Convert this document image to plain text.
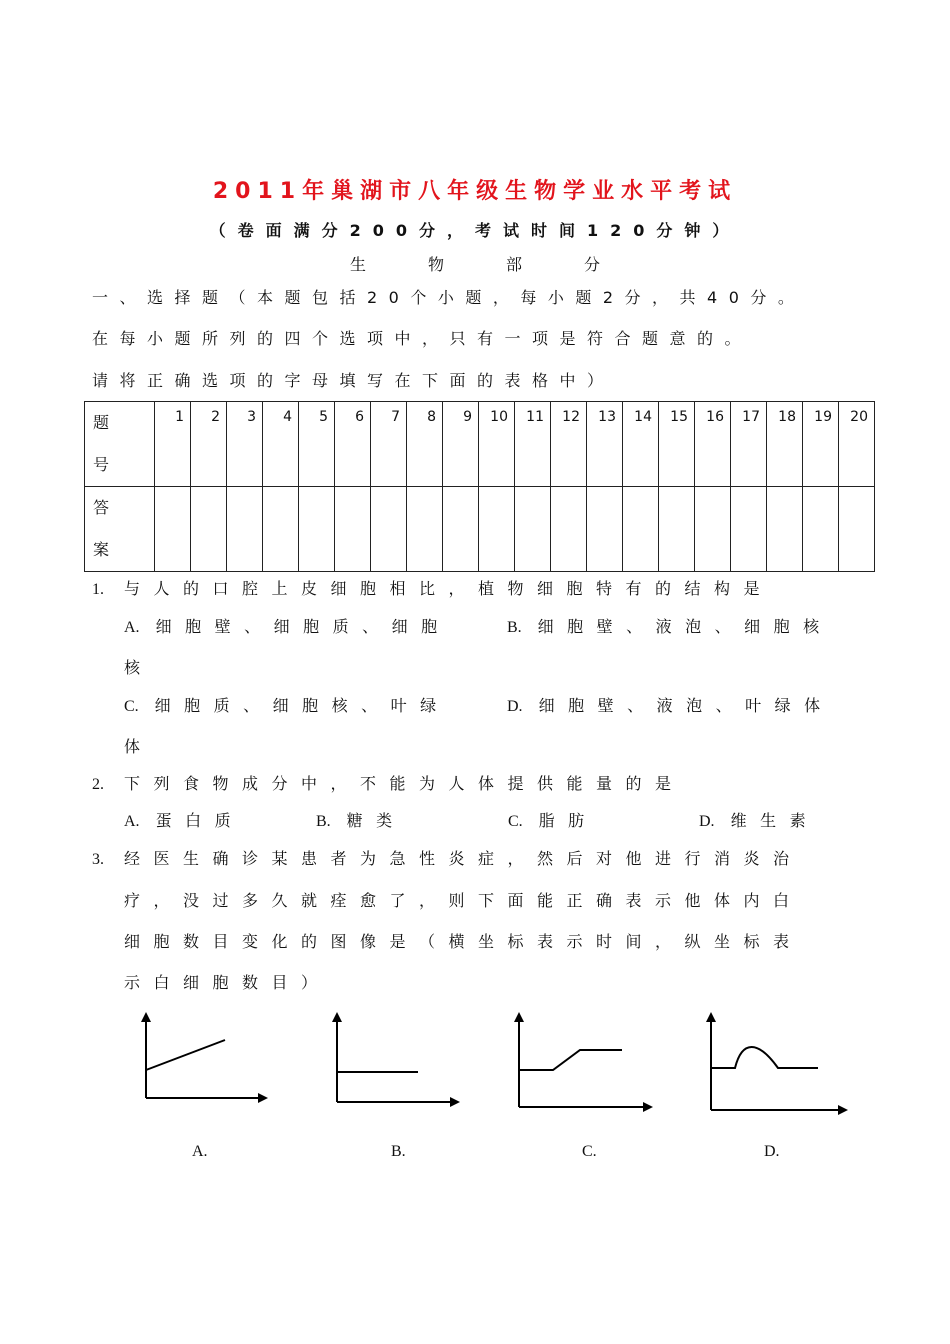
2011年巢湖市八年级生物学业水平考试
（卷面满分200分，考试时间120分钟）
生物部分
一、选择题（本题包括20个小题，每小题2分，共40分。
在每小题所列的四个选项中，只有一项是符合题意的。
请将正确选项的字母填写在下面的表格中）
题
号	1	2	3	4	5	6	7	8	9	10	11	12	13	14	15	16	17	18	19	20

答
案																				

1. 与人的口腔上皮细胞相比，植物细胞特有的结构是
A. 细胞壁、细胞质、细胞	B. 细胞壁、液泡、细胞核
核
C. 细胞质、细胞核、叶绿	D. 细胞壁、液泡、叶绿体
体
2. 下列食物成分中，不能为人体提供能量的是
A. 蛋白质	B. 糖类	C. 脂肪	D. 维生素
3. 经医生确诊某患者为急性炎症，然后对他进行消炎治
疗，没过多久就痊愈了，则下面能正确表示他体内白
细胞数目变化的图像是（横坐标表示时间，纵坐标表
示白细胞数目）
A.	B.	C.	D.
